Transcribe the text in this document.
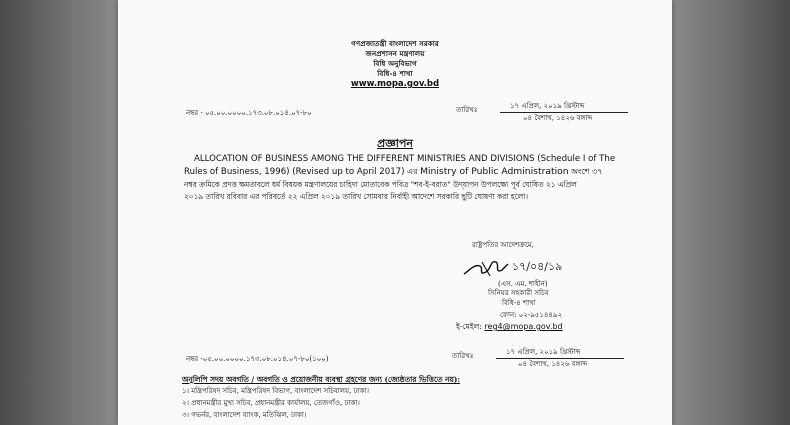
গণপ্রজাতন্ত্রী বাংলাদেশ সরকার
জনপ্রশাসন মন্ত্রণালয়
বিধি অনুবিভাগ
বিধি-৪ শাখা
www.mopa.gov.bd
নম্বর - ০৫.০০.০০০০.১৭৩.০৮.০১৪.০৭-৮০	তারিখঃ	১৭ এপ্রিল, ২০১৯ খ্রিস্টাব্দ
০৪ বৈশাখ, ১৪২৬ বঙ্গাব্দ
প্রজ্ঞাপন
ALLOCATION OF BUSINESS AMONG THE DIFFERENT MINISTRIES AND DIVISIONS (Schedule I of The
Rules of Business, 1996) (Revised up to April 2017) এর Ministry of Public Administration অংশে ৩৭
নম্বর ক্রমিকে প্রদত্ত ক্ষমতাবলে ধর্ম বিষয়ক মন্ত্রণালয়ের চাহিদা মোতাবেক পবিত্র "শব-ই-বরাত" উদ্‌যাপন উপলক্ষ্যে পূর্ব ঘোষিত ২১ এপ্রিল
২০১৯ তারিখ রবিবার এর পরিবর্তে ২২ এপ্রিল ২০১৯ তারিখ সোমবার নির্বাহী আদেশে সরকারি ছুটি ঘোষণা করা হলো।
রাষ্ট্রপতির আদেশক্রমে,
১৭/০৪/১৯
(এস. এম. শাহীন)
সিনিয়র সহকারী সচিব
বিধি-৪ শাখা
ফোন: ০২-৯৫১৪৪৯২
ই-মেইল: reg4@mopa.gov.bd
নম্বর -০৫.০০.০০০০.১৭৩.০৮.০১৪.০৭-৮০(১০০)	তারিখঃ	১৭ এপ্রিল, ২০১৯ খ্রিস্টাব্দ
০৪ বৈশাখ, ১৪২৬ বঙ্গাব্দ
অনুলিপি সদয় অবগতি / অবগতি ও প্রয়োজনীয় ব্যবস্থা গ্রহণের জন্য (জ্যেষ্ঠতার ভিত্তিতে নয়):
১। মন্ত্রিপরিষদ সচিব, মন্ত্রিপরিষদ বিভাগ, বাংলাদেশ সচিবালয়, ঢাকা।
২। প্রধানমন্ত্রীর মুখ্য সচিব, প্রধানমন্ত্রীর কার্যালয়, তেজগাঁও, ঢাকা।
৩। গভর্নর, বাংলাদেশ ব্যাংক, মতিঝিল, ঢাকা।
